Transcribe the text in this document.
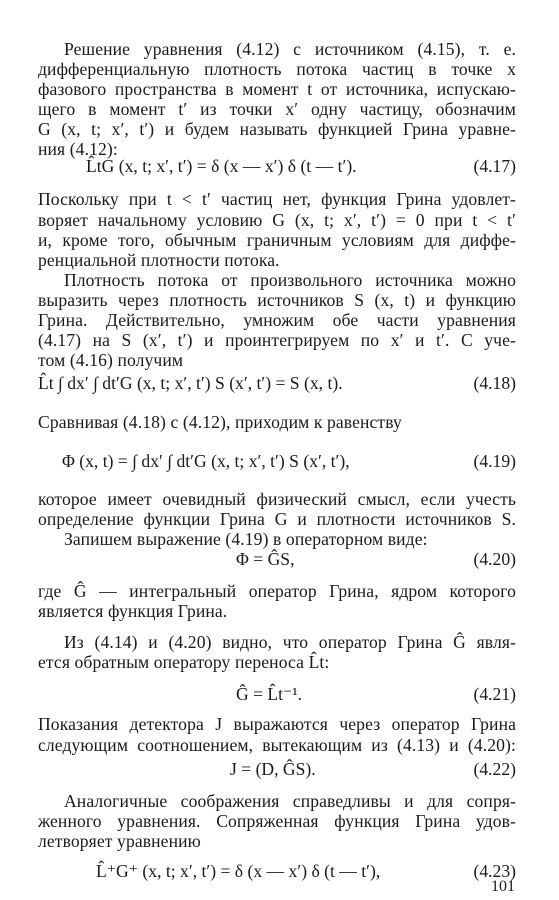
Решение уравнения (4.12) с источником (4.15), т. е.
дифференциальную плотность потока частиц в точке x
фазового пространства в момент t от источника, испускаю-
щего в момент t′ из точки x′ одну частицу, обозначим
G (x, t; x′, t′) и будем называть функцией Грина уравне-
ния (4.12):
L̂tG (x, t; x′, t′) = δ (x — x′) δ (t — t′).	(4.17)
Поскольку при t < t′ частиц нет, функция Грина удовлет-
воряет начальному условию G (x, t; x′, t′) = 0 при t < t′
и, кроме того, обычным граничным условиям для диффе-
ренциальной плотности потока.
Плотность потока от произвольного источника можно
выразить через плотность источников S (x, t) и функцию
Грина. Действительно, умножим обе части уравнения
(4.17) на S (x′, t′) и проинтегрируем по x′ и t′. С уче-
том (4.16) получим
L̂t ∫ dx′ ∫ dt′G (x, t; x′, t′) S (x′, t′) = S (x, t).	(4.18)
Сравнивая (4.18) с (4.12), приходим к равенству
Φ (x, t) = ∫ dx′ ∫ dt′G (x, t; x′, t′) S (x′, t′),	(4.19)
которое имеет очевидный физический смысл, если учесть
определение функции Грина G и плотности источников S.
Запишем выражение (4.19) в операторном виде:
Φ = ĜS,	(4.20)
где Ĝ — интегральный оператор Грина, ядром которого
является функция Грина.
Из (4.14) и (4.20) видно, что оператор Грина Ĝ явля-
ется обратным оператору переноса L̂t:
Ĝ = L̂t⁻¹.	(4.21)
Показания детектора J выражаются через оператор Грина
следующим соотношением, вытекающим из (4.13) и (4.20):
J = (D, ĜS).	(4.22)
Аналогичные соображения справедливы и для сопря-
женного уравнения. Сопряженная функция Грина удов-
летворяет уравнению
L̂⁺G⁺ (x, t; x′, t′) = δ (x — x′) δ (t — t′),	(4.23)
101
